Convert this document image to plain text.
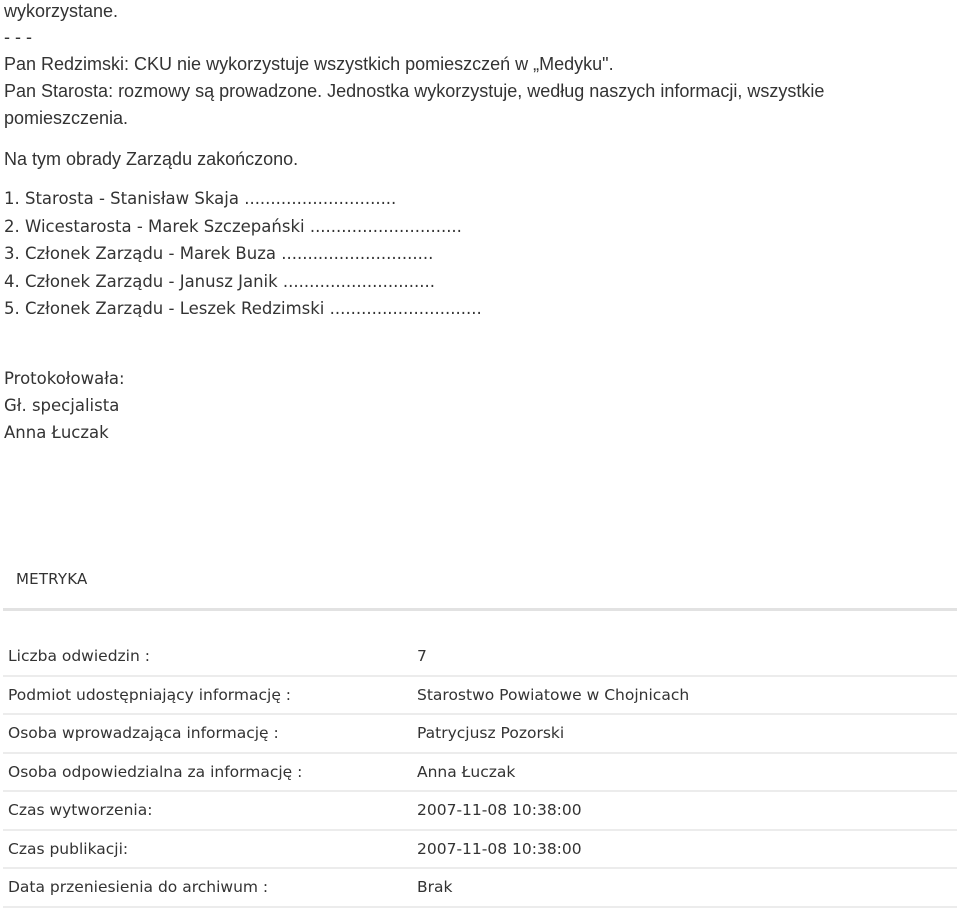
wykorzystane.
- - -
Pan Redzimski: CKU nie wykorzystuje wszystkich pomieszczeń w „Medyku".
Pan Starosta: rozmowy są prowadzone. Jednostka wykorzystuje, według naszych informacji, wszystkie
pomieszczenia.
Na tym obrady Zarządu zakończono.
1. Starosta - Stanisław Skaja .............................
2. Wicestarosta - Marek Szczepański .............................
3. Członek Zarządu - Marek Buza .............................
4. Członek Zarządu - Janusz Janik .............................
5. Członek Zarządu - Leszek Redzimski .............................
Protokołowała:
Gł. specjalista
Anna Łuczak
METRYKA
Liczba odwiedzin :	7
Podmiot udostępniający informację :	Starostwo Powiatowe w Chojnicach
Osoba wprowadzająca informację :	Patrycjusz Pozorski
Osoba odpowiedzialna za informację :	Anna Łuczak
Czas wytworzenia:	2007-11-08 10:38:00
Czas publikacji:	2007-11-08 10:38:00
Data przeniesienia do archiwum :	Brak
